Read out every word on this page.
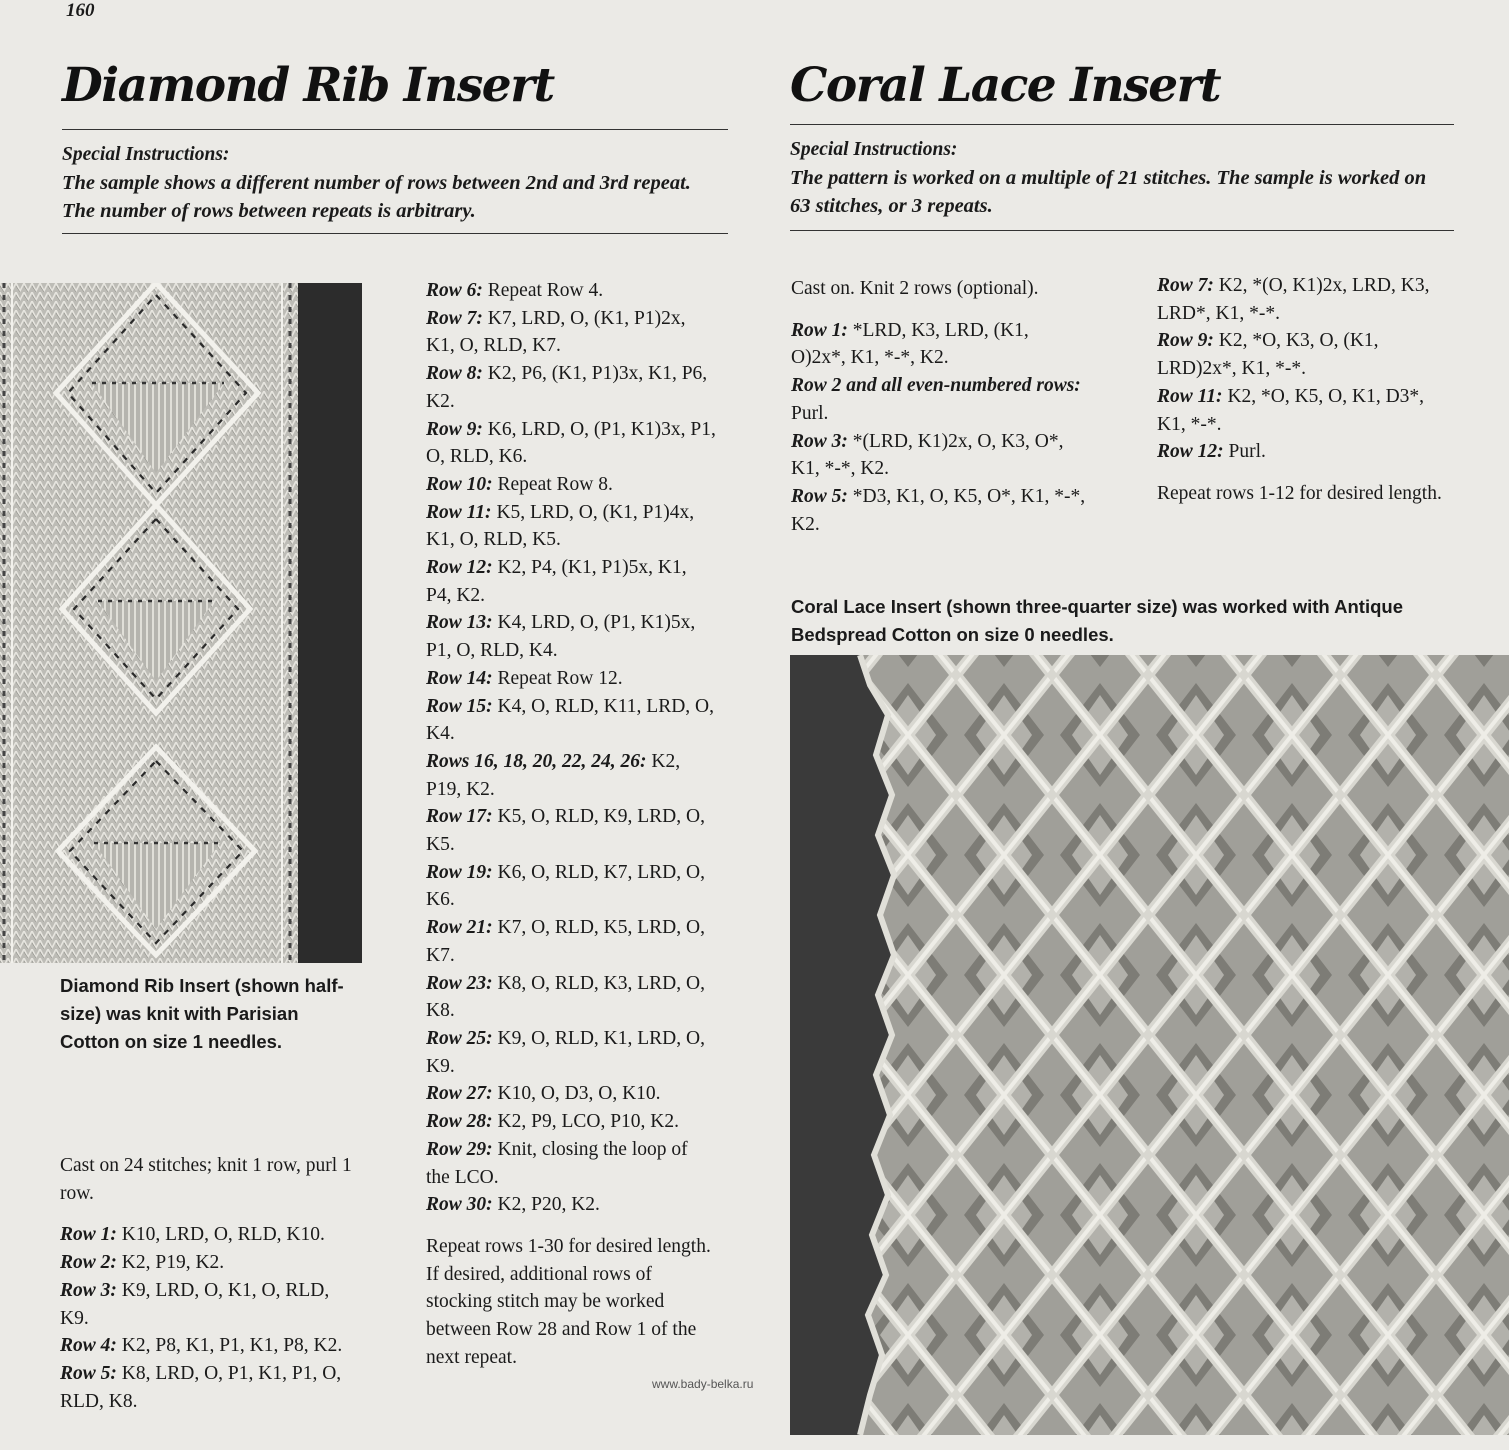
160
Diamond Rib Insert
Special Instructions:
The sample shows a different number of rows between 2nd and 3rd repeat. The number of rows between repeats is arbitrary.
Diamond Rib Insert (shown half-size) was knit with Parisian Cotton on size 1 needles.

Cast on 24 stitches; knit 1 row, purl 1 row.

Row 1: K10, LRD, O, RLD, K10.

Row 2: K2, P19, K2.

Row 3: K9, LRD, O, K1, O, RLD, K9.

Row 4: K2, P8, K1, P1, K1, P8, K2.

Row 5: K8, LRD, O, P1, K1, P1, O, RLD, K8.

Row 6: Repeat Row 4.

Row 7: K7, LRD, O, (K1, P1)2x, K1, O, RLD, K7.

Row 8: K2, P6, (K1, P1)3x, K1, P6, K2.

Row 9: K6, LRD, O, (P1, K1)3x, P1, O, RLD, K6.

Row 10: Repeat Row 8.

Row 11: K5, LRD, O, (K1, P1)4x, K1, O, RLD, K5.

Row 12: K2, P4, (K1, P1)5x, K1, P4, K2.

Row 13: K4, LRD, O, (P1, K1)5x, P1, O, RLD, K4.

Row 14: Repeat Row 12.

Row 15: K4, O, RLD, K11, LRD, O, K4.

Rows 16, 18, 20, 22, 24, 26: K2, P19, K2.

Row 17: K5, O, RLD, K9, LRD, O, K5.

Row 19: K6, O, RLD, K7, LRD, O, K6.

Row 21: K7, O, RLD, K5, LRD, O, K7.

Row 23: K8, O, RLD, K3, LRD, O, K8.

Row 25: K9, O, RLD, K1, LRD, O, K9.

Row 27: K10, O, D3, O, K10.

Row 28: K2, P9, LCO, P10, K2.

Row 29: Knit, closing the loop of the LCO.

Row 30: K2, P20, K2.

Repeat rows 1-30 for desired length. If desired, additional rows of stocking stitch may be worked between Row 28 and Row 1 of the next repeat.

Coral Lace Insert
Special Instructions:
The pattern is worked on a multiple of 21 stitches. The sample is worked on 63 stitches, or 3 repeats.

Cast on. Knit 2 rows (optional).

Row 1: *LRD, K3, LRD, (K1, O)2x*, K1, *-*, K2.

Row 2 and all even-numbered rows: Purl.

Row 3: *(LRD, K1)2x, O, K3, O*, K1, *-*, K2.

Row 5: *D3, K1, O, K5, O*, K1, *-*, K2.

Row 7: K2, *(O, K1)2x, LRD, K3, LRD*, K1, *-*.

Row 9: K2, *O, K3, O, (K1, LRD)2x*, K1, *-*.

Row 11: K2, *O, K5, O, K1, D3*, K1, *-*.

Row 12: Purl.

Repeat rows 1-12 for desired length.

Coral Lace Insert (shown three-quarter size) was worked with Antique Bedspread Cotton on size 0 needles.
www.bady-belka.ru
